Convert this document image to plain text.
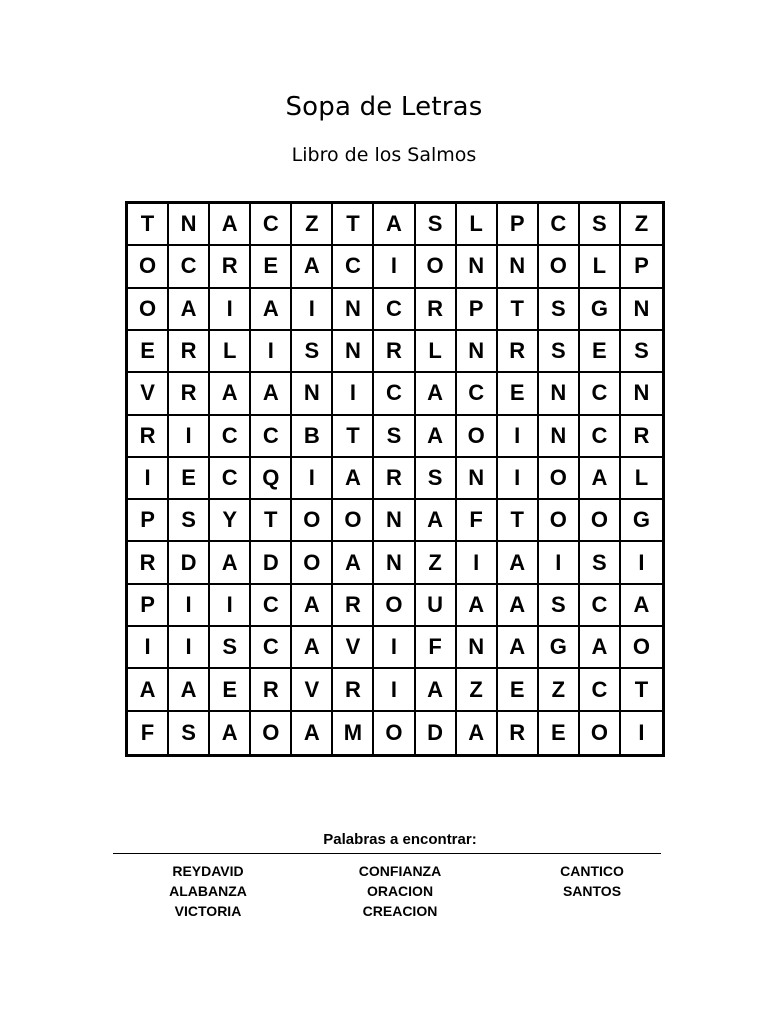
Sopa de Letras
Libro de los Salmos
T	N	A	C	Z	T	A	S	L	P	C	S	Z
O	C	R	E	A	C	I	O	N	N	O	L	P
O	A	I	A	I	N	C	R	P	T	S	G	N
E	R	L	I	S	N	R	L	N	R	S	E	S
V	R	A	A	N	I	C	A	C	E	N	C	N
R	I	C	C	B	T	S	A	O	I	N	C	R
I	E	C	Q	I	A	R	S	N	I	O	A	L
P	S	Y	T	O	O	N	A	F	T	O	O	G
R	D	A	D	O	A	N	Z	I	A	I	S	I
P	I	I	C	A	R	O	U	A	A	S	C	A
I	I	S	C	A	V	I	F	N	A	G	A	O
A	A	E	R	V	R	I	A	Z	E	Z	C	T
F	S	A	O	A	M	O	D	A	R	E	O	I
Palabras a encontrar:
REYDAVID
ALABANZA
VICTORIA
CONFIANZA
ORACION
CREACION
CANTICO
SANTOS
